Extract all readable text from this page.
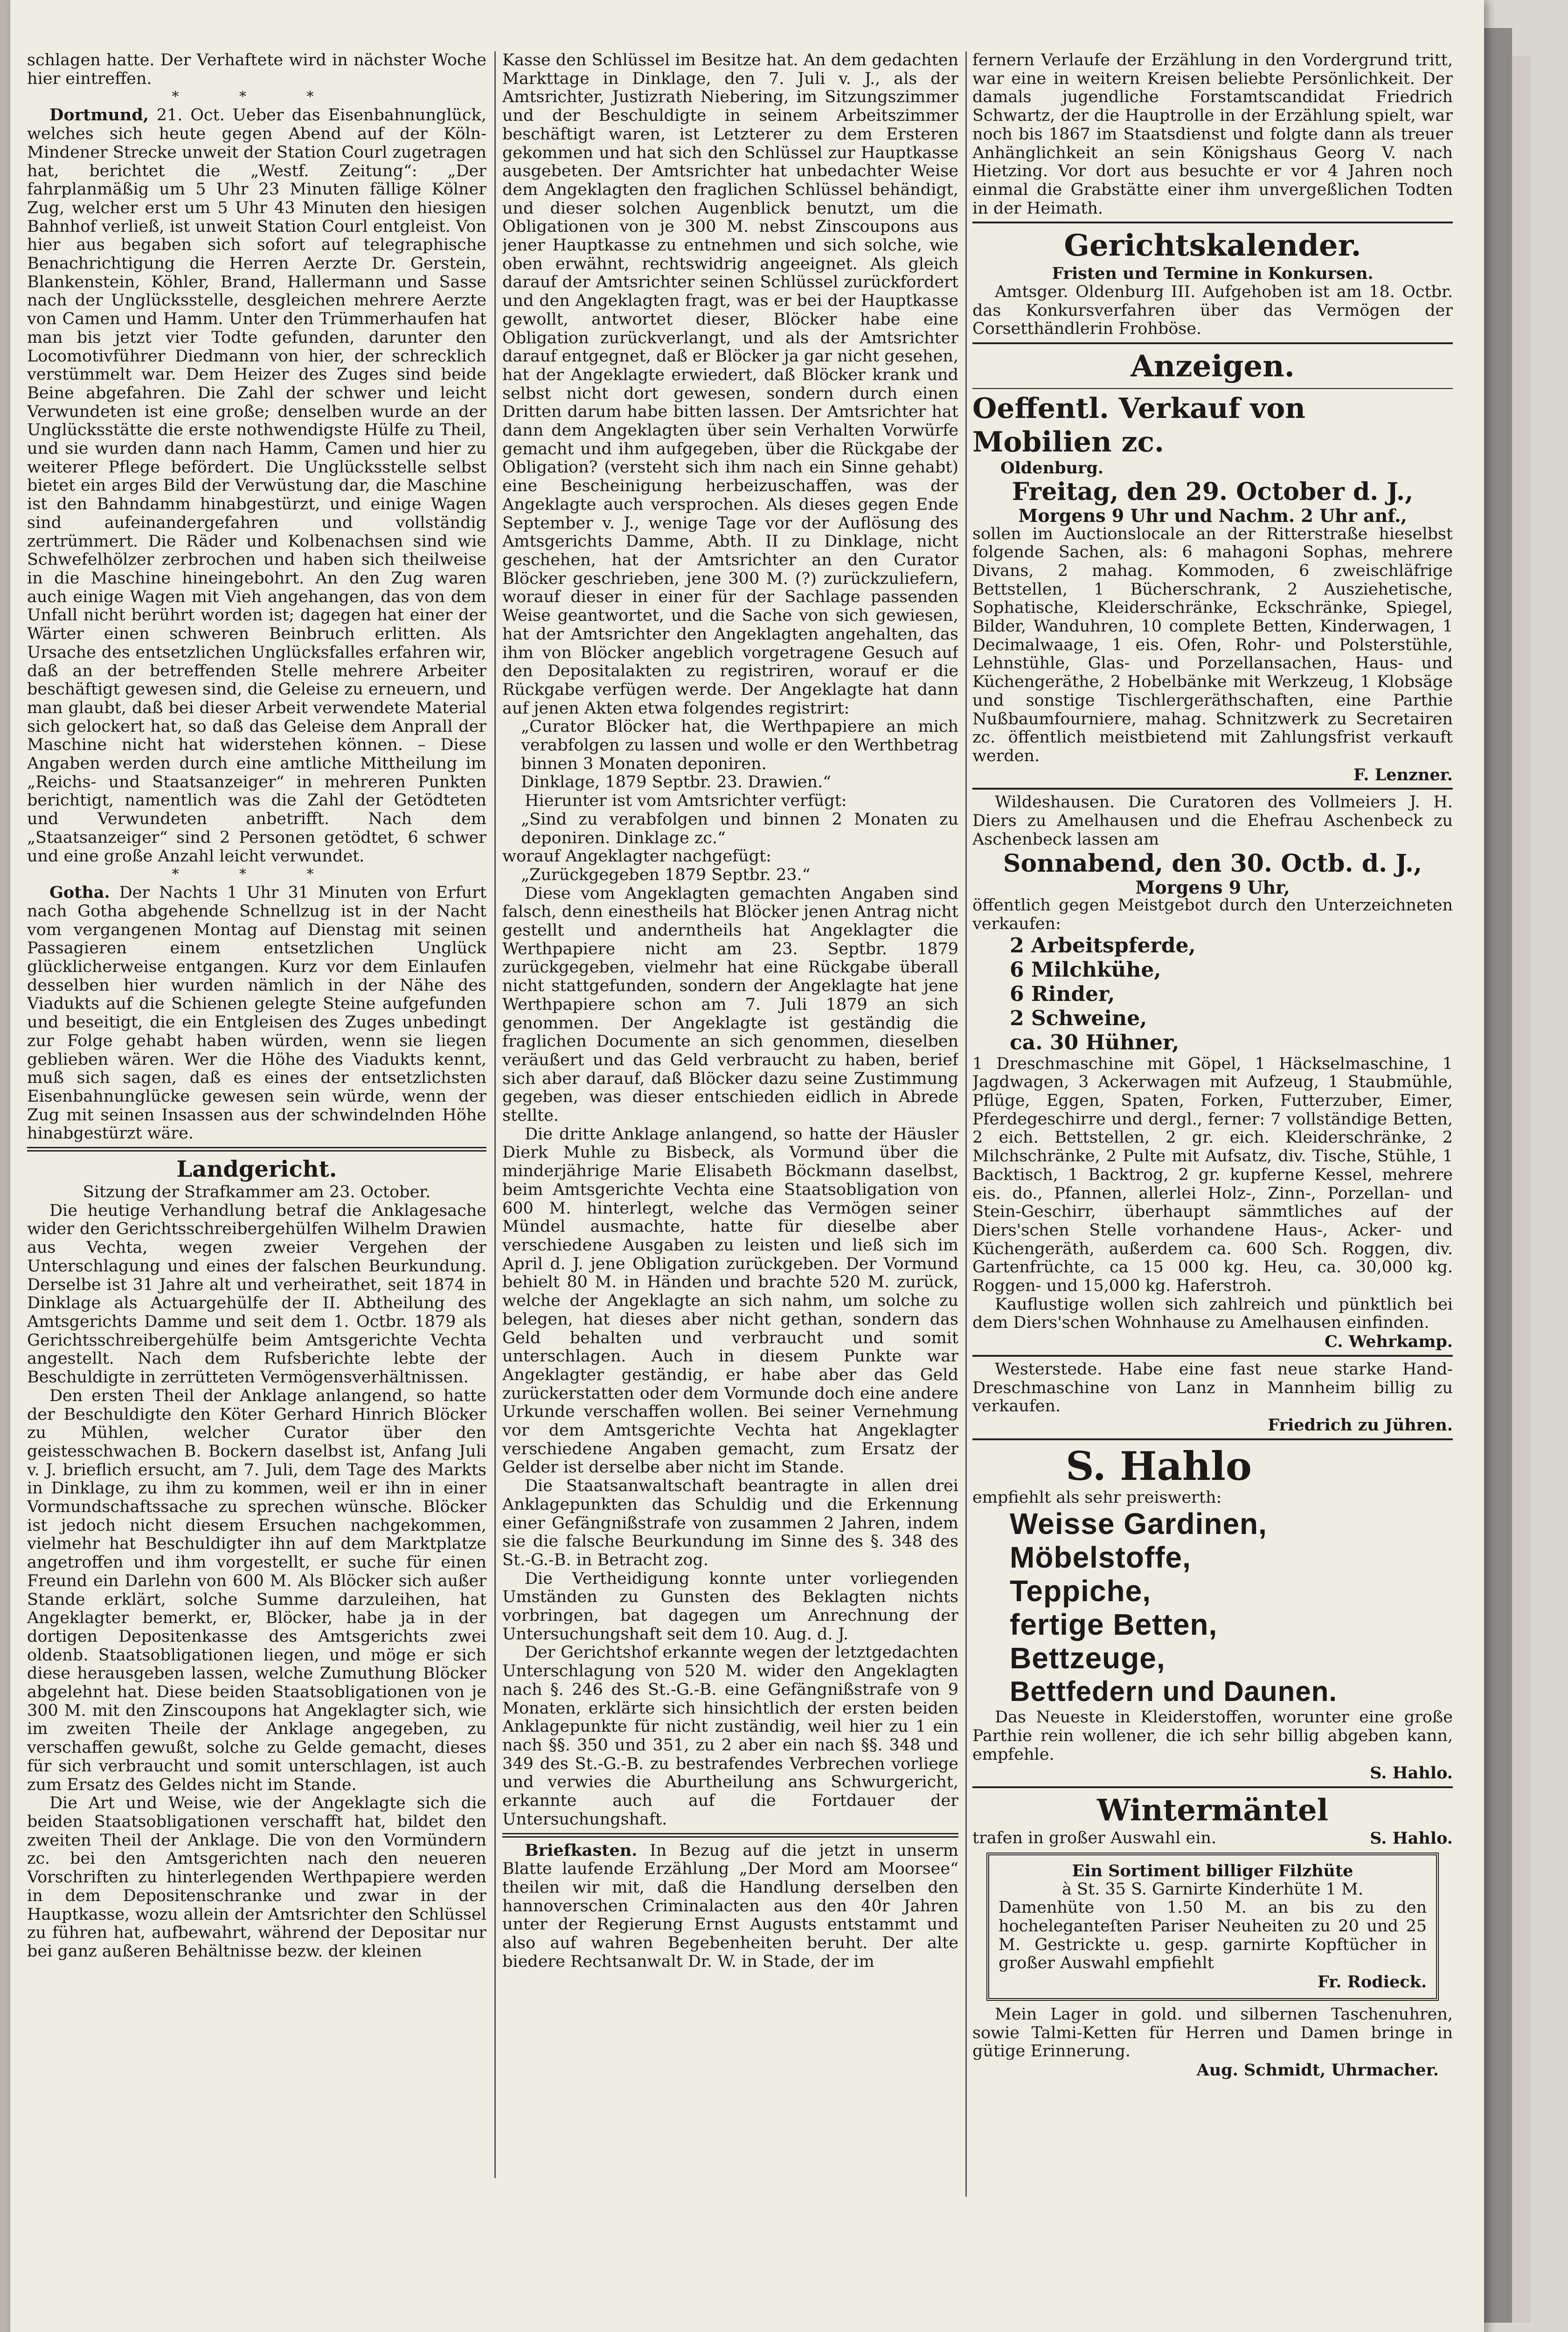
schlagen hatte. Der Verhaftete wird in nächster Woche hier eintreffen.

* * *

Dortmund, 21. Oct. Ueber das Eisenbahnunglück, welches sich heute gegen Abend auf der Köln-Mindener Strecke unweit der Station Courl zugetragen hat, berichtet die „Westf. Zeitung“: „Der fahrplanmäßig um 5 Uhr 23 Minuten fällige Kölner Zug, welcher erst um 5 Uhr 43 Minuten den hiesigen Bahnhof verließ, ist unweit Station Courl entgleist. Von hier aus begaben sich sofort auf telegraphische Benachrichtigung die Herren Aerzte Dr. Gerstein, Blankenstein, Köhler, Brand, Hallermann und Sasse nach der Unglücksstelle, desgleichen mehrere Aerzte von Camen und Hamm. Unter den Trümmerhaufen hat man bis jetzt vier Todte gefunden, darunter den Locomotivführer Diedmann von hier, der schrecklich verstümmelt war. Dem Heizer des Zuges sind beide Beine abgefahren. Die Zahl der schwer und leicht Verwundeten ist eine große; denselben wurde an der Unglücksstätte die erste nothwendigste Hülfe zu Theil, und sie wurden dann nach Hamm, Camen und hier zu weiterer Pflege befördert. Die Unglücksstelle selbst bietet ein arges Bild der Verwüstung dar, die Maschine ist den Bahndamm hinabgestürzt, und einige Wagen sind aufeinandergefahren und vollständig zertrümmert. Die Räder und Kolbenachsen sind wie Schwefelhölzer zerbrochen und haben sich theilweise in die Maschine hineingebohrt. An den Zug waren auch einige Wagen mit Vieh angehangen, das von dem Unfall nicht berührt worden ist; dagegen hat einer der Wärter einen schweren Beinbruch erlitten. Als Ursache des entsetzlichen Unglücksfalles erfahren wir, daß an der betreffenden Stelle mehrere Arbeiter beschäftigt gewesen sind, die Geleise zu erneuern, und man glaubt, daß bei dieser Arbeit verwendete Material sich gelockert hat, so daß das Geleise dem Anprall der Maschine nicht hat widerstehen können. – Diese Angaben werden durch eine amtliche Mittheilung im „Reichs- und Staatsanzeiger“ in mehreren Punkten berichtigt, namentlich was die Zahl der Getödteten und Verwundeten anbetrifft. Nach dem „Staatsanzeiger“ sind 2 Personen getödtet, 6 schwer und eine große Anzahl leicht verwundet.

* * *

Gotha. Der Nachts 1 Uhr 31 Minuten von Erfurt nach Gotha abgehende Schnellzug ist in der Nacht vom vergangenen Montag auf Dienstag mit seinen Passagieren einem entsetzlichen Unglück glücklicherweise entgangen. Kurz vor dem Einlaufen desselben hier wurden nämlich in der Nähe des Viadukts auf die Schienen gelegte Steine aufgefunden und beseitigt, die ein Entgleisen des Zuges unbedingt zur Folge gehabt haben würden, wenn sie liegen geblieben wären. Wer die Höhe des Viadukts kennt, muß sich sagen, daß es eines der entsetzlichsten Eisenbahnunglücke gewesen sein würde, wenn der Zug mit seinen Insassen aus der schwindelnden Höhe hinabgestürzt wäre.

Landgericht.

Sitzung der Strafkammer am 23. October.

Die heutige Verhandlung betraf die Anklagesache wider den Gerichtsschreibergehülfen Wilhelm Drawien aus Vechta, wegen zweier Vergehen der Unterschlagung und eines der falschen Beurkundung. Derselbe ist 31 Jahre alt und verheirathet, seit 1874 in Dinklage als Actuargehülfe der II. Abtheilung des Amtsgerichts Damme und seit dem 1. Octbr. 1879 als Gerichtsschreibergehülfe beim Amtsgerichte Vechta angestellt. Nach dem Rufsberichte lebte der Beschuldigte in zerrütteten Vermögensverhältnissen.

Den ersten Theil der Anklage anlangend, so hatte der Beschuldigte den Köter Gerhard Hinrich Blöcker zu Mühlen, welcher Curator über den geistesschwachen B. Bockern daselbst ist, Anfang Juli v. J. brieflich ersucht, am 7. Juli, dem Tage des Markts in Dinklage, zu ihm zu kommen, weil er ihn in einer Vormundschaftssache zu sprechen wünsche. Blöcker ist jedoch nicht diesem Ersuchen nachgekommen, vielmehr hat Beschuldigter ihn auf dem Marktplatze angetroffen und ihm vorgestellt, er suche für einen Freund ein Darlehn von 600 M. Als Blöcker sich außer Stande erklärt, solche Summe darzuleihen, hat Angeklagter bemerkt, er, Blöcker, habe ja in der dortigen Depositenkasse des Amtsgerichts zwei oldenb. Staatsobligationen liegen, und möge er sich diese herausgeben lassen, welche Zumuthung Blöcker abgelehnt hat. Diese beiden Staatsobligationen von je 300 M. mit den Zinscoupons hat Angeklagter sich, wie im zweiten Theile der Anklage angegeben, zu verschaffen gewußt, solche zu Gelde gemacht, dieses für sich verbraucht und somit unterschlagen, ist auch zum Ersatz des Geldes nicht im Stande.

Die Art und Weise, wie der Angeklagte sich die beiden Staatsobligationen verschafft hat, bildet den zweiten Theil der Anklage. Die von den Vormündern zc. bei den Amtsgerichten nach den neueren Vorschriften zu hinterlegenden Werthpapiere werden in dem Depositenschranke und zwar in der Hauptkasse, wozu allein der Amtsrichter den Schlüssel zu führen hat, aufbewahrt, während der Depositar nur bei ganz außeren Behältnisse bezw. der kleinen

Kasse den Schlüssel im Besitze hat. An dem gedachten Markttage in Dinklage, den 7. Juli v. J., als der Amtsrichter, Justizrath Niebering, im Sitzungszimmer und der Beschuldigte in seinem Arbeitszimmer beschäftigt waren, ist Letzterer zu dem Ersteren gekommen und hat sich den Schlüssel zur Hauptkasse ausgebeten. Der Amtsrichter hat unbedachter Weise dem Angeklagten den fraglichen Schlüssel behändigt, und dieser solchen Augenblick benutzt, um die Obligationen von je 300 M. nebst Zinscoupons aus jener Hauptkasse zu entnehmen und sich solche, wie oben erwähnt, rechtswidrig angeeignet. Als gleich darauf der Amtsrichter seinen Schlüssel zurückfordert und den Angeklagten fragt, was er bei der Hauptkasse gewollt, antwortet dieser, Blöcker habe eine Obligation zurückverlangt, und als der Amtsrichter darauf entgegnet, daß er Blöcker ja gar nicht gesehen, hat der Angeklagte erwiedert, daß Blöcker krank und selbst nicht dort gewesen, sondern durch einen Dritten darum habe bitten lassen. Der Amtsrichter hat dann dem Angeklagten über sein Verhalten Vorwürfe gemacht und ihm aufgegeben, über die Rückgabe der Obligation? (versteht sich ihm nach ein Sinne gehabt) eine Bescheinigung herbeizuschaffen, was der Angeklagte auch versprochen. Als dieses gegen Ende September v. J., wenige Tage vor der Auflösung des Amtsgerichts Damme, Abth. II zu Dinklage, nicht geschehen, hat der Amtsrichter an den Curator Blöcker geschrieben, jene 300 M. (?) zurückzuliefern, worauf dieser in einer für der Sachlage passenden Weise geantwortet, und die Sache von sich gewiesen, hat der Amtsrichter den Angeklagten angehalten, das ihm von Blöcker angeblich vorgetragene Gesuch auf den Depositalakten zu registriren, worauf er die Rückgabe verfügen werde. Der Angeklagte hat dann auf jenen Akten etwa folgendes registrirt:

„Curator Blöcker hat, die Werthpapiere an mich verabfolgen zu lassen und wolle er den Werthbetrag binnen 3 Monaten deponiren.

Dinklage, 1879 Septbr. 23. Drawien.“

Hierunter ist vom Amtsrichter verfügt:

„Sind zu verabfolgen und binnen 2 Monaten zu deponiren. Dinklage zc.“

worauf Angeklagter nachgefügt:

„Zurückgegeben 1879 Septbr. 23.“

Diese vom Angeklagten gemachten Angaben sind falsch, denn einestheils hat Blöcker jenen Antrag nicht gestellt und anderntheils hat Angeklagter die Werthpapiere nicht am 23. Septbr. 1879 zurückgegeben, vielmehr hat eine Rückgabe überall nicht stattgefunden, sondern der Angeklagte hat jene Werthpapiere schon am 7. Juli 1879 an sich genommen. Der Angeklagte ist geständig die fraglichen Documente an sich genommen, dieselben veräußert und das Geld verbraucht zu haben, berief sich aber darauf, daß Blöcker dazu seine Zustimmung gegeben, was dieser entschieden eidlich in Abrede stellte.

Die dritte Anklage anlangend, so hatte der Häusler Dierk Muhle zu Bisbeck, als Vormund über die minderjährige Marie Elisabeth Böckmann daselbst, beim Amtsgerichte Vechta eine Staatsobligation von 600 M. hinterlegt, welche das Vermögen seiner Mündel ausmachte, hatte für dieselbe aber verschiedene Ausgaben zu leisten und ließ sich im April d. J. jene Obligation zurückgeben. Der Vormund behielt 80 M. in Händen und brachte 520 M. zurück, welche der Angeklagte an sich nahm, um solche zu belegen, hat dieses aber nicht gethan, sondern das Geld behalten und verbraucht und somit unterschlagen. Auch in diesem Punkte war Angeklagter geständig, er habe aber das Geld zurückerstatten oder dem Vormunde doch eine andere Urkunde verschaffen wollen. Bei seiner Vernehmung vor dem Amtsgerichte Vechta hat Angeklagter verschiedene Angaben gemacht, zum Ersatz der Gelder ist derselbe aber nicht im Stande.

Die Staatsanwaltschaft beantragte in allen drei Anklagepunkten das Schuldig und die Erkennung einer Gefängnißstrafe von zusammen 2 Jahren, indem sie die falsche Beurkundung im Sinne des §. 348 des St.-G.-B. in Betracht zog.

Die Vertheidigung konnte unter vorliegenden Umständen zu Gunsten des Beklagten nichts vorbringen, bat dagegen um Anrechnung der Untersuchungshaft seit dem 10. Aug. d. J.

Der Gerichtshof erkannte wegen der letztgedachten Unterschlagung von 520 M. wider den Angeklagten nach §. 246 des St.-G.-B. eine Gefängnißstrafe von 9 Monaten, erklärte sich hinsichtlich der ersten beiden Anklagepunkte für nicht zuständig, weil hier zu 1 ein nach §§. 350 und 351, zu 2 aber ein nach §§. 348 und 349 des St.-G.-B. zu bestrafendes Verbrechen vorliege und verwies die Aburtheilung ans Schwurgericht, erkannte auch auf die Fortdauer der Untersuchungshaft.

Briefkasten. In Bezug auf die jetzt in unserm Blatte laufende Erzählung „Der Mord am Moorsee“ theilen wir mit, daß die Handlung derselben den hannoverschen Criminalacten aus den 40r Jahren unter der Regierung Ernst Augusts entstammt und also auf wahren Begebenheiten beruht. Der alte biedere Rechtsanwalt Dr. W. in Stade, der im

fernern Verlaufe der Erzählung in den Vordergrund tritt, war eine in weitern Kreisen beliebte Persönlichkeit. Der damals jugendliche Forstamtscandidat Friedrich Schwartz, der die Hauptrolle in der Erzählung spielt, war noch bis 1867 im Staatsdienst und folgte dann als treuer Anhänglichkeit an sein Königshaus Georg V. nach Hietzing. Vor dort aus besuchte er vor 4 Jahren noch einmal die Grabstätte einer ihm unvergeßlichen Todten in der Heimath.

Gerichtskalender.

Fristen und Termine in Konkursen.

Amtsger. Oldenburg III. Aufgehoben ist am 18. Octbr. das Konkursverfahren über das Vermögen der Corsetthändlerin Frohböse.

Anzeigen.
Oeffentl. Verkauf von Mobilien zc.

Oldenburg.

Freitag, den 29. October d. J.,

Morgens 9 Uhr und Nachm. 2 Uhr anf.,

sollen im Auctionslocale an der Ritterstraße hieselbst folgende Sachen, als: 6 mahagoni Sophas, mehrere Divans, 2 mahag. Kommoden, 6 zweischläfrige Bettstellen, 1 Bücherschrank, 2 Ausziehetische, Sophatische, Kleiderschränke, Eckschränke, Spiegel, Bilder, Wanduhren, 10 complete Betten, Kinderwagen, 1 Decimalwaage, 1 eis. Ofen, Rohr- und Polsterstühle, Lehnstühle, Glas- und Porzellansachen, Haus- und Küchengeräthe, 2 Hobelbänke mit Werkzeug, 1 Klobsäge und sonstige Tischlergeräthschaften, eine Parthie Nußbaumfourniere, mahag. Schnitzwerk zu Secretairen zc. öffentlich meistbietend mit Zahlungsfrist verkauft werden.

F. Lenzner.

Wildeshausen. Die Curatoren des Vollmeiers J. H. Diers zu Amelhausen und die Ehefrau Aschenbeck zu Aschenbeck lassen am

Sonnabend, den 30. Octb. d. J.,

Morgens 9 Uhr,

öffentlich gegen Meistgebot durch den Unterzeichneten verkaufen:

2 Arbeitspferde,
6 Milchkühe,
6 Rinder,
2 Schweine,
ca. 30 Hühner,

1 Dreschmaschine mit Göpel, 1 Häckselmaschine, 1 Jagdwagen, 3 Ackerwagen mit Aufzeug, 1 Staubmühle, Pflüge, Eggen, Spaten, Forken, Futterzuber, Eimer, Pferdegeschirre und dergl., ferner: 7 vollständige Betten, 2 eich. Bettstellen, 2 gr. eich. Kleiderschränke, 2 Milchschränke, 2 Pulte mit Aufsatz, div. Tische, Stühle, 1 Backtisch, 1 Backtrog, 2 gr. kupferne Kessel, mehrere eis. do., Pfannen, allerlei Holz-, Zinn-, Porzellan- und Stein-Geschirr, überhaupt sämmtliches auf der Diers'schen Stelle vorhandene Haus-, Acker- und Küchengeräth, außerdem ca. 600 Sch. Roggen, div. Gartenfrüchte, ca 15 000 kg. Heu, ca. 30,000 kg. Roggen- und 15,000 kg. Haferstroh.

Kauflustige wollen sich zahlreich und pünktlich bei dem Diers'schen Wohnhause zu Amelhausen einfinden.

C. Wehrkamp.

Westerstede. Habe eine fast neue starke Hand-Dreschmaschine von Lanz in Mannheim billig zu verkaufen.

Friedrich zu Jühren.

S. Hahlo

empfiehlt als sehr preiswerth:

Weisse Gardinen,
Möbelstoffe,
Teppiche,
fertige Betten,
Bettzeuge,
Bettfedern und Daunen.

Das Neueste in Kleiderstoffen, worunter eine große Parthie rein wollener, die ich sehr billig abgeben kann, empfehle.

S. Hahlo.

Wintermäntel
trafen in großer Auswahl ein.	S. Hahlo.

Ein Sortiment billiger Filzhüte

à St. 35 S. Garnirte Kinderhüte 1 M.

Damenhüte von 1.50 M. an bis zu den hocheleganteſten Pariser Neuheiten zu 20 und 25 M. Gestrickte u. gesp. garnirte Kopftücher in großer Auswahl empfiehlt

Fr. Rodieck.

Mein Lager in gold. und silbernen Taschenuhren, sowie Talmi-Ketten für Herren und Damen bringe in gütige Erinnerung.

Aug. Schmidt, Uhrmacher.
